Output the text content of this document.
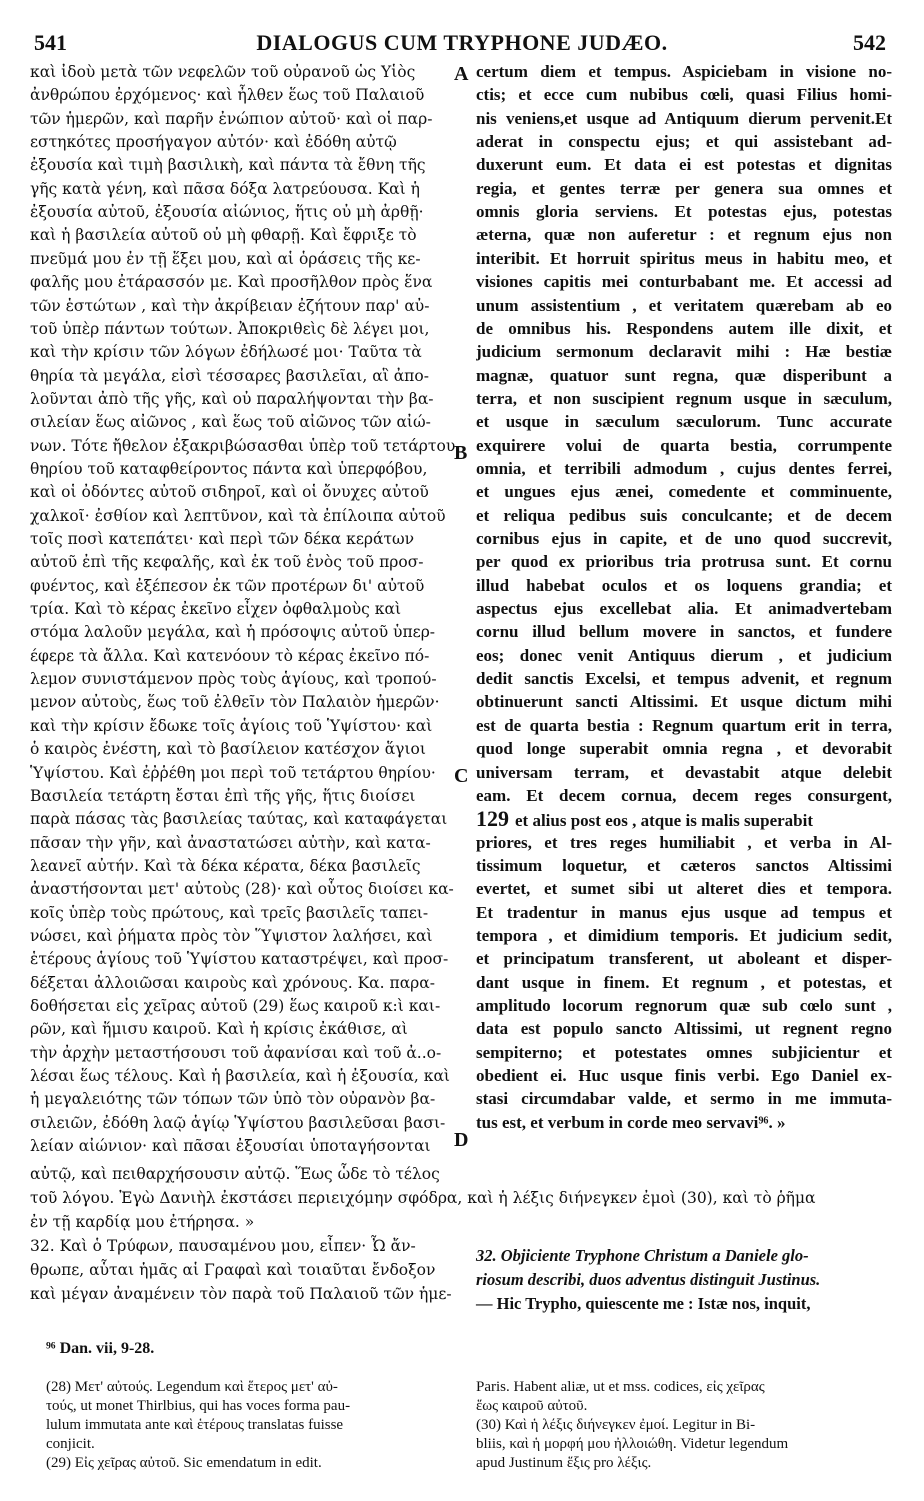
541	DIALOGUS CUM TRYPHONE JUDÆO.	542
A
B
C
D
καὶ ἰδοὺ μετὰ τῶν νεφελῶν τοῦ οὐρανοῦ ὡς Υἱὸς
ἀνθρώπου ἐρχόμενος· καὶ ἦλθεν ἕως τοῦ Παλαιοῦ
τῶν ἡμερῶν, καὶ παρῆν ἐνώπιον αὐτοῦ· καὶ οἱ παρ-
εστηκότες προσήγαγον αὐτόν· καὶ ἐδόθη αὐτῷ
ἐξουσία καὶ τιμὴ βασιλικὴ, καὶ πάντα τὰ ἔθνη τῆς
γῆς κατὰ γένη, καὶ πᾶσα δόξα λατρεύουσα. Καὶ ἡ
ἐξουσία αὐτοῦ, ἐξουσία αἰώνιος, ἥτις οὐ μὴ ἀρθῇ·
καὶ ἡ βασιλεία αὐτοῦ οὐ μὴ φθαρῇ. Καὶ ἔφριξε τὸ
πνεῦμά μου ἐν τῇ ἕξει μου, καὶ αἱ ὁράσεις τῆς κε-
φαλῆς μου ἐτάρασσόν με. Καὶ προσῆλθον πρὸς ἕνα
τῶν ἑστώτων , καὶ τὴν ἀκρίβειαν ἐζήτουν παρ' αὐ-
τοῦ ὑπὲρ πάντων τούτων. Ἀποκριθεὶς δὲ λέγει μοι,
καὶ τὴν κρίσιν τῶν λόγων ἐδήλωσέ μοι· Ταῦτα τὰ
θηρία τὰ μεγάλα, εἰσὶ τέσσαρες βασιλεῖαι, αἳ ἀπο-
λοῦνται ἀπὸ τῆς γῆς, καὶ οὐ παραλήψονται τὴν βα-
σιλείαν ἕως αἰῶνος , καὶ ἕως τοῦ αἰῶνος τῶν αἰώ-
νων. Τότε ἤθελον ἐξακριβώσασθαι ὑπὲρ τοῦ τετάρτου
θηρίου τοῦ καταφθείροντος πάντα καὶ ὑπερφόβου,
καὶ οἱ ὀδόντες αὐτοῦ σιδηροῖ, καὶ οἱ ὄνυχες αὐτοῦ
χαλκοῖ· ἐσθίον καὶ λεπτῦνον, καὶ τὰ ἐπίλοιπα αὐτοῦ
τοῖς ποσὶ κατεπάτει· καὶ περὶ τῶν δέκα κεράτων
αὐτοῦ ἐπὶ τῆς κεφαλῆς, καὶ ἐκ τοῦ ἑνὸς τοῦ προσ-
φυέντος, καὶ ἐξέπεσον ἐκ τῶν προτέρων δι' αὐτοῦ
τρία. Καὶ τὸ κέρας ἐκεῖνο εἶχεν ὀφθαλμοὺς καὶ
στόμα λαλοῦν μεγάλα, καὶ ἡ πρόσοψις αὐτοῦ ὑπερ-
έφερε τὰ ἄλλα. Καὶ κατενόουν τὸ κέρας ἐκεῖνο πό-
λεμον συνιστάμενον πρὸς τοὺς ἁγίους, καὶ τροπού-
μενον αὐτοὺς, ἕως τοῦ ἐλθεῖν τὸν Παλαιὸν ἡμερῶν·
καὶ τὴν κρίσιν ἔδωκε τοῖς ἁγίοις τοῦ Ὑψίστου· καὶ
ὁ καιρὸς ἐνέστη, καὶ τὸ βασίλειον κατέσχον ἅγιοι
Ὑψίστου. Καὶ ἐῤῥέθη μοι περὶ τοῦ τετάρτου θηρίου·
Βασιλεία τετάρτη ἔσται ἐπὶ τῆς γῆς, ἥτις διοίσει
παρὰ πάσας τὰς βασιλείας ταύτας, καὶ καταφάγεται
πᾶσαν τὴν γῆν, καὶ ἀναστατώσει αὐτὴν, καὶ κατα-
λεανεῖ αὐτήν. Καὶ τὰ δέκα κέρατα, δέκα βασιλεῖς
ἀναστήσονται μετ' αὐτοὺς (28)· καὶ οὗτος διοίσει κα-
κοῖς ὑπὲρ τοὺς πρώτους, καὶ τρεῖς βασιλεῖς ταπει-
νώσει, καὶ ῥήματα πρὸς τὸν Ὕψιστον λαλήσει, καὶ
ἑτέρους ἁγίους τοῦ Ὑψίστου καταστρέψει, καὶ προσ-
δέξεται ἀλλοιῶσαι καιροὺς καὶ χρόνους. Κα. παρα-
δοθήσεται εἰς χεῖρας αὐτοῦ (29) ἕως καιροῦ κ:ὶ και-
ρῶν, καὶ ἥμισυ καιροῦ. Καὶ ἡ κρίσις ἐκάθισε, αὶ
τὴν ἀρχὴν μεταστήσουσι τοῦ ἀφανίσαι καὶ τοῦ ἀ..ο-
λέσαι ἕως τέλους. Καὶ ἡ βασιλεία, καὶ ἡ ἐξουσία, καὶ
ἡ μεγαλειότης τῶν τόπων τῶν ὑπὸ τὸν οὐρανὸν βα-
σιλειῶν, ἐδόθη λαῷ ἁγίῳ Ὑψίστου βασιλεῦσαι βασι-
λείαν αἰώνιον· καὶ πᾶσαι ἐξουσίαι ὑποταγήσονται
certum diem et tempus. Aspiciebam in visione no-
ctis; et ecce cum nubibus cœli, quasi Filius homi-
nis veniens,et usque ad Antiquum dierum pervenit.Et
aderat in conspectu ejus; et qui assistebant ad-
duxerunt eum. Et data ei est potestas et dignitas
regia, et gentes terræ per genera sua omnes et
omnis gloria serviens. Et potestas ejus, potestas
æterna, quæ non auferetur : et regnum ejus non
interibit. Et horruit spiritus meus in habitu meo, et
visiones capitis mei conturbabant me. Et accessi ad
unum assistentium , et veritatem quærebam ab eo
de omnibus his. Respondens autem ille dixit, et
judicium sermonum declaravit mihi : Hæ bestiæ
magnæ, quatuor sunt regna, quæ disperibunt a
terra, et non suscipient regnum usque in sæculum,
et usque in sæculum sæculorum. Tunc accurate
exquirere volui de quarta bestia, corrumpente
omnia, et terribili admodum , cujus dentes ferrei,
et ungues ejus ænei, comedente et comminuente,
et reliqua pedibus suis conculcante; et de decem
cornibus ejus in capite, et de uno quod succrevit,
per quod ex prioribus tria protrusa sunt. Et cornu
illud habebat oculos et os loquens grandia; et
aspectus ejus excellebat alia. Et animadvertebam
cornu illud bellum movere in sanctos, et fundere
eos; donec venit Antiquus dierum , et judicium
dedit sanctis Excelsi, et tempus advenit, et regnum
obtinuerunt sancti Altissimi. Et usque dictum mihi
est de quarta bestia : Regnum quartum erit in terra,
quod longe superabit omnia regna , et devorabit
universam terram, et devastabit atque delebit
eam. Et decem cornua, decem reges consurgent,
129 et alius post eos , atque is malis superabit
priores, et tres reges humiliabit , et verba in Al-
tissimum loquetur, et cæteros sanctos Altissimi
evertet, et sumet sibi ut alteret dies et tempora.
Et tradentur in manus ejus usque ad tempus et
tempora , et dimidium temporis. Et judicium sedit,
et principatum transferent, ut aboleant et disper-
dant usque in finem. Et regnum , et potestas, et
amplitudo locorum regnorum quæ sub cœlo sunt ,
data est populo sancto Altissimi, ut regnent regno
sempiterno; et potestates omnes subjicientur et
obedient ei. Huc usque finis verbi. Ego Daniel ex-
stasi circumdabar valde, et sermo in me immuta-
tus est, et verbum in corde meo servavi⁹⁶. »
αὐτῷ, καὶ πειθαρχήσουσιν αὐτῷ. Ἕως ὧδε τὸ τέλος
τοῦ λόγου. Ἐγὼ Δανιὴλ ἐκστάσει περιειχόμην σφόδρα, καὶ ἡ λέξις διήνεγκεν ἐμοὶ (30), καὶ τὸ ῥῆμα
ἐν τῇ καρδίᾳ μου ἐτήρησα. »
32. Καὶ ὁ Τρύφων, παυσαμένου μου, εἶπεν· Ὦ ἄν-
θρωπε, αὗται ἡμᾶς αἱ Γραφαὶ καὶ τοιαῦται ἔνδοξον
καὶ μέγαν ἀναμένειν τὸν παρὰ τοῦ Παλαιοῦ τῶν ἡμε-
32. Objiciente Tryphone Christum a Daniele glo-
riosum describi, duos adventus distinguit Justinus.
— Hic Trypho, quiescente me : Istæ nos, inquit,
⁹⁶ Dan. vii, 9-28.
(28) Μετ' αὐτούς. Legendum καὶ ἕτερος μετ' αὐ-
τούς, ut monet Thirlbius, qui has voces forma pau-
lulum immutata ante καὶ ἑτέρους translatas fuisse
conjicit.
(29) Εἰς χεῖρας αὐτοῦ. Sic emendatum in edit.
Paris. Habent aliæ, ut et mss. codices, εἰς χεῖρας
ἕως καιροῦ αὐτοῦ.
(30) Καὶ ἡ λέξις διήνεγκεν ἐμοί. Legitur in Bi-
bliis, καὶ ἡ μορφή μου ἠλλοιώθη. Videtur legendum
apud Justinum ἕξις pro λέξις.
